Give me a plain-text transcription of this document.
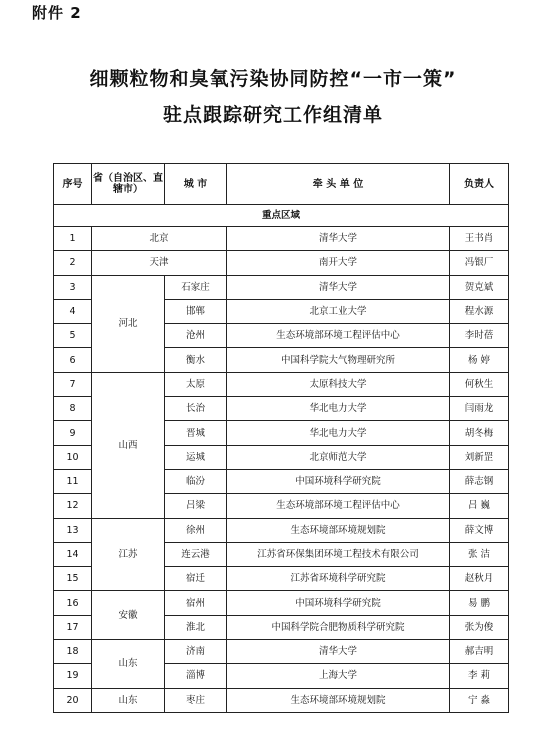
附件 2
细颗粒物和臭氧污染协同防控“一市一策”
驻点跟踪研究工作组清单
序号	省（自治区、直辖市）	城 市	牵 头 单 位	负责人
重点区域				
1	北京		清华大学	王书肖
2	天津		南开大学	冯银厂
3	河北	石家庄	清华大学	贺克斌
4		邯郸	北京工业大学	程水源
5		沧州	生态环境部环境工程评估中心	李时蓓
6		衡水	中国科学院大气物理研究所	杨 婷
7	山西	太原	太原科技大学	何秋生
8		长治	华北电力大学	闫雨龙
9		晋城	华北电力大学	胡冬梅
10		运城	北京师范大学	刘新罡
11		临汾	中国环境科学研究院	薛志钢
12		吕梁	生态环境部环境工程评估中心	吕 巍
13	江苏	徐州	生态环境部环境规划院	薛文博
14		连云港	江苏省环保集团环境工程技术有限公司	张 洁
15		宿迁	江苏省环境科学研究院	赵秋月
16	安徽	宿州	中国环境科学研究院	易 鹏
17		淮北	中国科学院合肥物质科学研究院	张为俊
18	山东	济南	清华大学	郝吉明
19		淄博	上海大学	李 莉
20	山东	枣庄	生态环境部环境规划院	宁 淼
